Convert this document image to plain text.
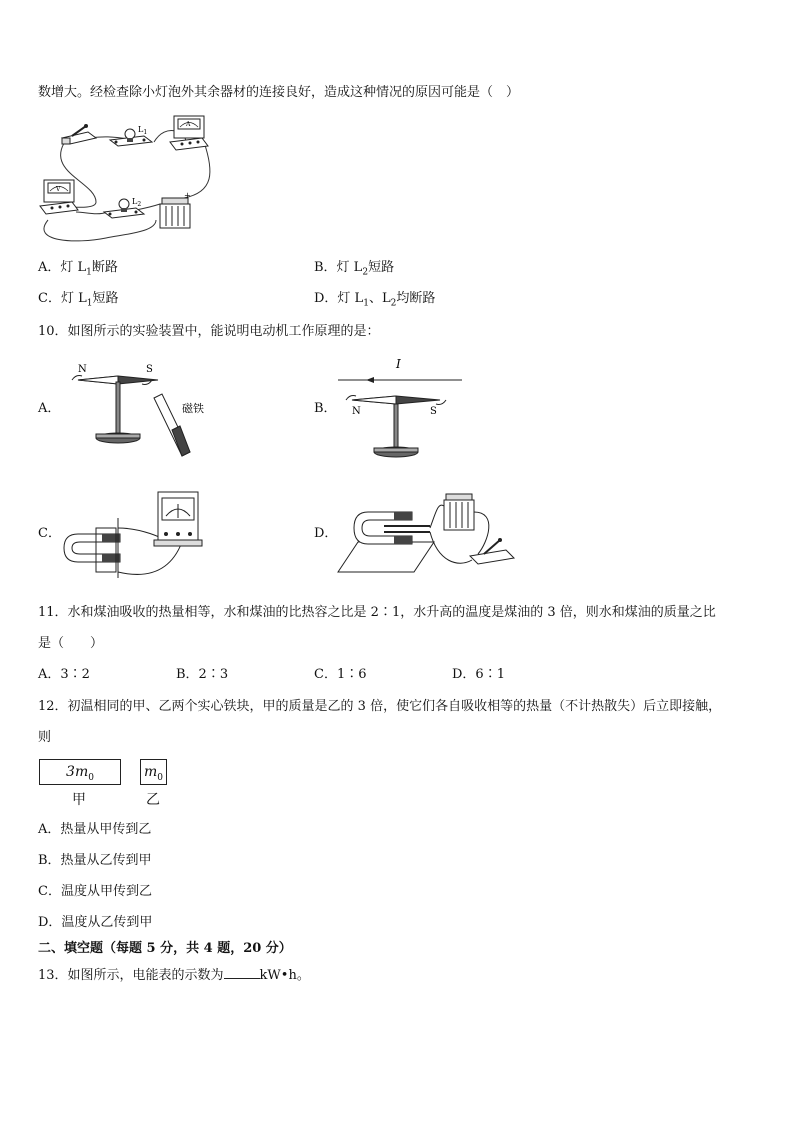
数增大。经检查除小灯泡外其余器材的连接良好，造成这种情况的原因可能是（　）
$L_1$
A
V
$L_2$
+
A．灯 $L_1$断路	B．灯 $L_2$短路
C．灯 $L_1$短路	D．灯 $L_1$、$L_2$均断路
10．如图所示的实验装置中，能说明电动机工作原理的是：
A．
N	S
磁铁	B．
I
N	S
C．	D．
11．水和煤油吸收的热量相等，水和煤油的比热容之比是 2∶1，水升高的温度是煤油的 3 倍，则水和煤油的质量之比
是（　　）
A．3∶2	B．2∶3	C．1∶6	D．6∶1
12．初温相同的甲、乙两个实心铁块，甲的质量是乙的 3 倍，使它们各自吸收相等的热量（不计热散失）后立即接触，
则
$3m_0$	$m_0$
甲	乙
A．热量从甲传到乙
B．热量从乙传到甲
C．温度从甲传到乙
D．温度从乙传到甲
二、填空题（每题 5 分，共 4 题，20 分）
13．如图所示，电能表的示数为	kW•h。
